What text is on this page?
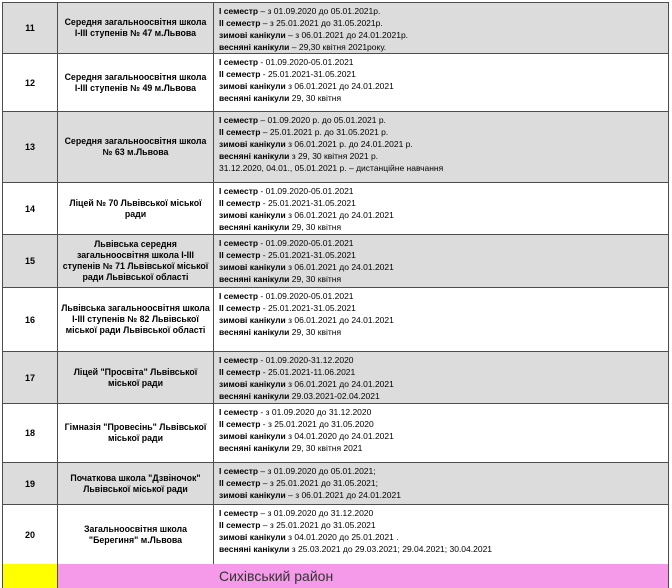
11
Середня загальноосвітня школа І-ІІІ ступенів № 47 м.Львова
І семестр – з 01.09.2020 до 05.01.2021р.
ІІ семестр – з 25.01.2021 до 31.05.2021р.
зимові канікули – з 06.01.2021 до 24.01.2021р.
весняні канікули – 29,30 квітня 2021року.
12
Середня загальноосвітня школа І-ІІІ ступенів № 49 м.Львова
І семестр - 01.09.2020-05.01.2021
ІІ семестр - 25.01.2021-31.05.2021
зимові канікули з 06.01.2021 до 24.01.2021
весняні канікули 29, 30 квітня
13
Середня загальноосвітня школа № 63 м.Львова
І семестр – 01.09.2020 р. до 05.01.2021 р.
ІІ семестр – 25.01.2021 р. до 31.05.2021 р.
зимові канікули з 06.01.2021 р. до 24.01.2021 р.
весняні канікули з 29, 30 квітня 2021 р.
31.12.2020, 04.01., 05.01.2021 р. – дистанційне навчання
14
Ліцей № 70 Львівської міської ради
І семестр - 01.09.2020-05.01.2021
ІІ семестр - 25.01.2021-31.05.2021
зимові канікули з 06.01.2021 до 24.01.2021
весняні канікули 29, 30 квітня
15
Львівська середня загальноосвітня школа І-ІІІ ступенів № 71 Львівської міської ради Львівської області
І семестр - 01.09.2020-05.01.2021
ІІ семестр - 25.01.2021-31.05.2021
зимові канікули з 06.01.2021 до 24.01.2021
весняні канікули 29, 30 квітня
16
Львівська загальноосвітня школа І-ІІІ ступенів № 82 Львівської міської ради Львівської області
І семестр - 01.09.2020-05.01.2021
ІІ семестр - 25.01.2021-31.05.2021
зимові канікули з 06.01.2021 до 24.01.2021
весняні канікули 29, 30 квітня
17
Ліцей "Просвіта" Львівської міської ради
І семестр - 01.09.2020-31.12.2020
ІІ семестр - 25.01.2021-11.06.2021
зимові канікули з 06.01.2021 до 24.01.2021
весняні канікули 29.03.2021-02.04.2021
18
Гімназія "Провесінь" Львівської міської ради
І семестр - з 01.09.2020 до 31.12.2020
ІІ семестр - з 25.01.2021 до 31.05.2020
зимові канікули з 04.01.2020 до 24.01.2021
весняні канікули 29, 30 квітня 2021
19
Початкова школа "Дзвіночок" Львівської міської ради
І семестр – з 01.09.2020 до 05.01.2021;
ІІ семестр – з 25.01.2021 до 31.05.2021;
зимові канікули – з 06.01.2021 до 24.01.2021
20
Загальноосвітня школа "Берегиня" м.Львова
І семестр – з 01.09.2020 до 31.12.2020
ІІ семестр – з 25.01.2021 до 31.05.2021
зимові канікули з 04.01.2020 до 25.01.2021 .
весняні канікули з 25.03.2021 до 29.03.2021; 29.04.2021; 30.04.2021
Сихівський район
